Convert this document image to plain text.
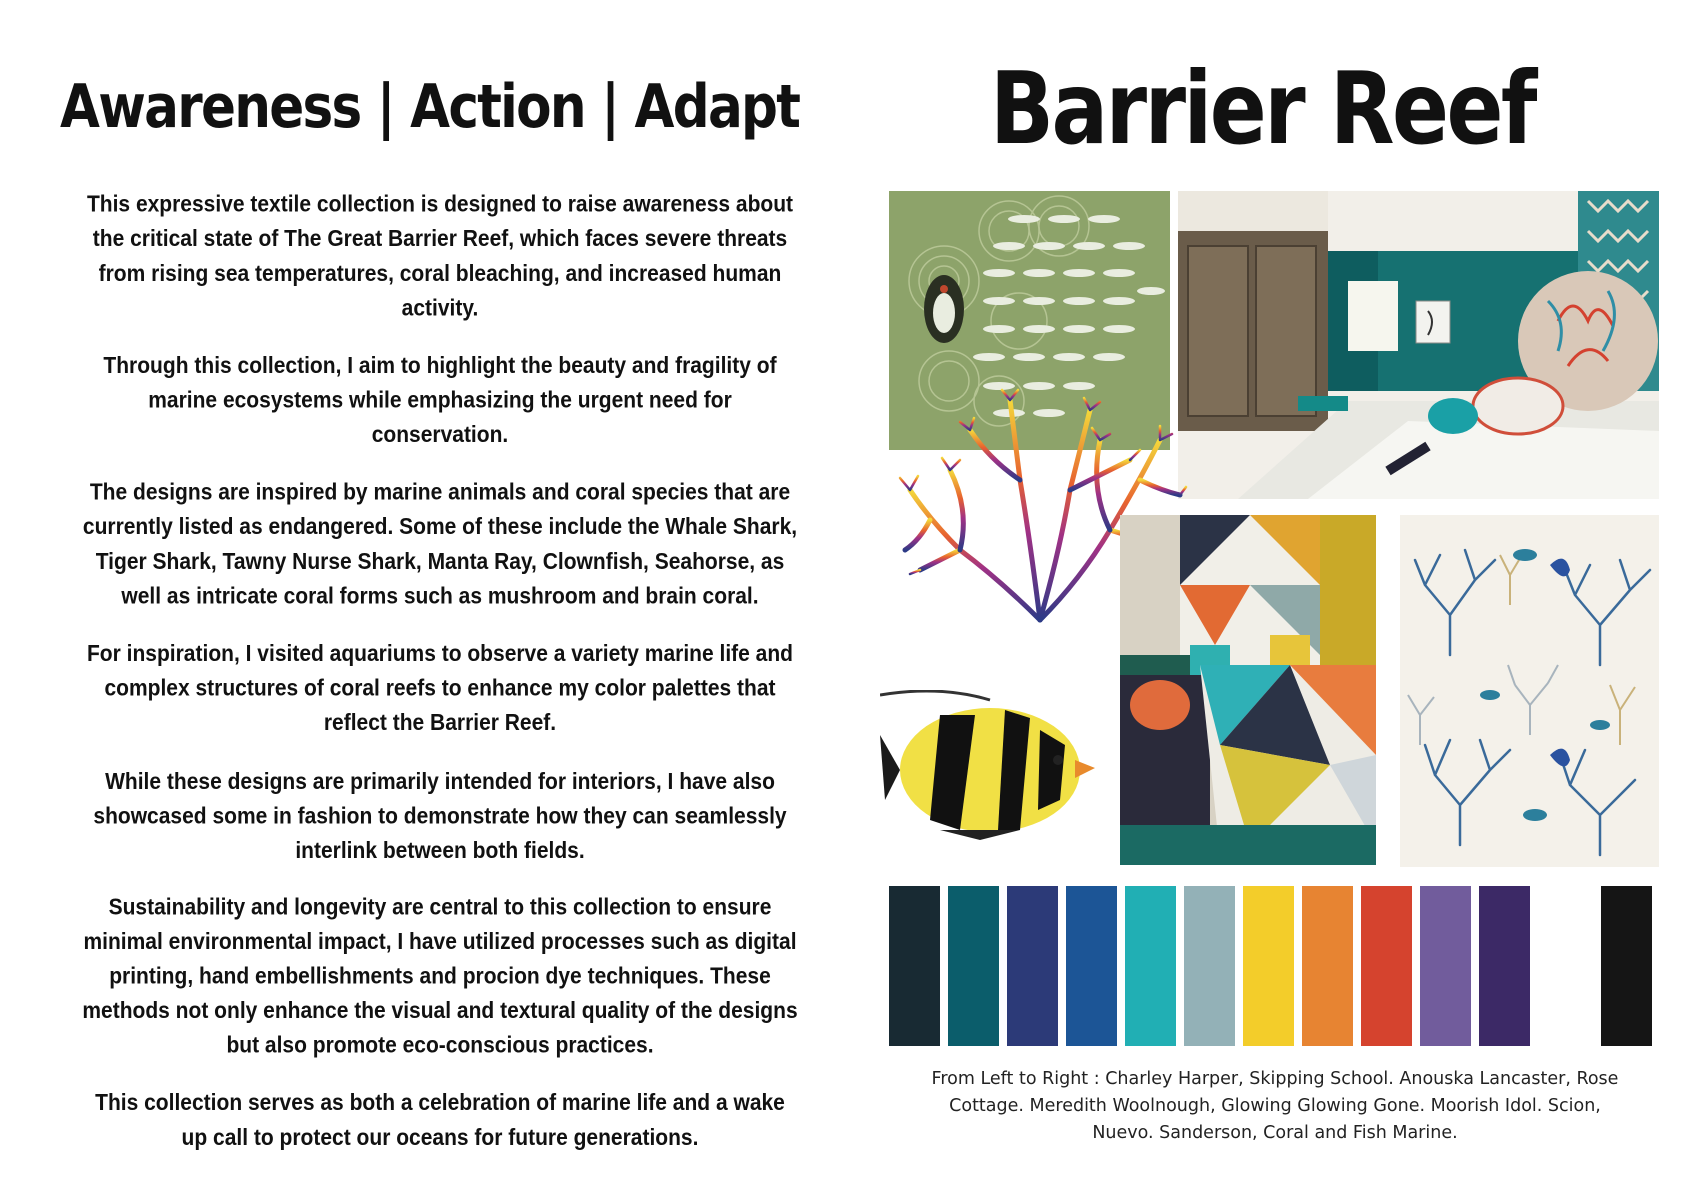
Awareness | Action | Adapt Barrier Reef

This expressive textile collection is designed to raise awareness about the critical state of The Great Barrier Reef, which faces severe threats from rising sea temperatures, coral bleaching, and increased human activity.

Through this collection, I aim to highlight the beauty and fragility of marine ecosystems while emphasizing the urgent need for conservation.

The designs are inspired by marine animals and coral species that are currently listed as endangered. Some of these include the Whale Shark, Tiger Shark, Tawny Nurse Shark, Manta Ray, Clownfish, Seahorse, as well as intricate coral forms such as mushroom and brain coral.

For inspiration, I visited aquariums to observe a variety marine life and complex structures of coral reefs to enhance my color palettes that reflect the Barrier Reef.

While these designs are primarily intended for interiors, I have also showcased some in fashion to demonstrate how they can seamlessly interlink between both fields.

Sustainability and longevity are central to this collection to ensure minimal environmental impact, I have utilized processes such as digital printing, hand embellishments and procion dye techniques. These methods not only enhance the visual and textural quality of the designs but also promote eco-conscious practices.

This collection serves as both a celebration of marine life and a wake up call to protect our oceans for future generations.

From Left to Right : Charley Harper, Skipping School. Anouska Lancaster, Rose
Cottage. Meredith Woolnough, Glowing Glowing Gone. Moorish Idol. Scion,
Nuevo. Sanderson, Coral and Fish Marine.
